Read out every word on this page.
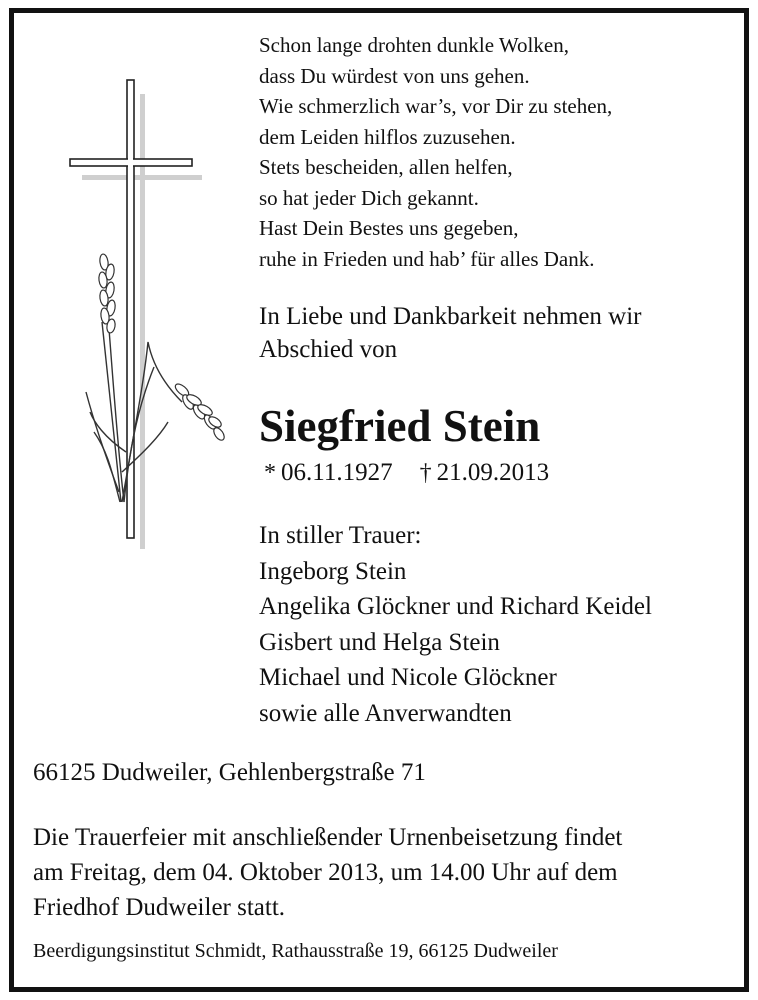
Schon lange drohten dunkle Wolken,
dass Du würdest von uns gehen.
Wie schmerzlich war’s, vor Dir zu stehen,
dem Leiden hilflos zuzusehen.
Stets bescheiden, allen helfen,
so hat jeder Dich gekannt.
Hast Dein Bestes uns gegeben,
ruhe in Frieden und hab’ für alles Dank.
In Liebe und Dankbarkeit nehmen wir
Abschied von
Siegfried Stein
* 06.11.1927 † 21.09.2013
In stiller Trauer:
Ingeborg Stein
Angelika Glöckner und Richard Keidel
Gisbert und Helga Stein
Michael und Nicole Glöckner
sowie alle Anverwandten
66125 Dudweiler, Gehlenbergstraße 71
Die Trauerfeier mit anschließender Urnenbeisetzung findet
am Freitag, dem 04. Oktober 2013, um 14.00 Uhr auf dem
Friedhof Dudweiler statt.
Beerdigungsinstitut Schmidt, Rathausstraße 19, 66125 Dudweiler
